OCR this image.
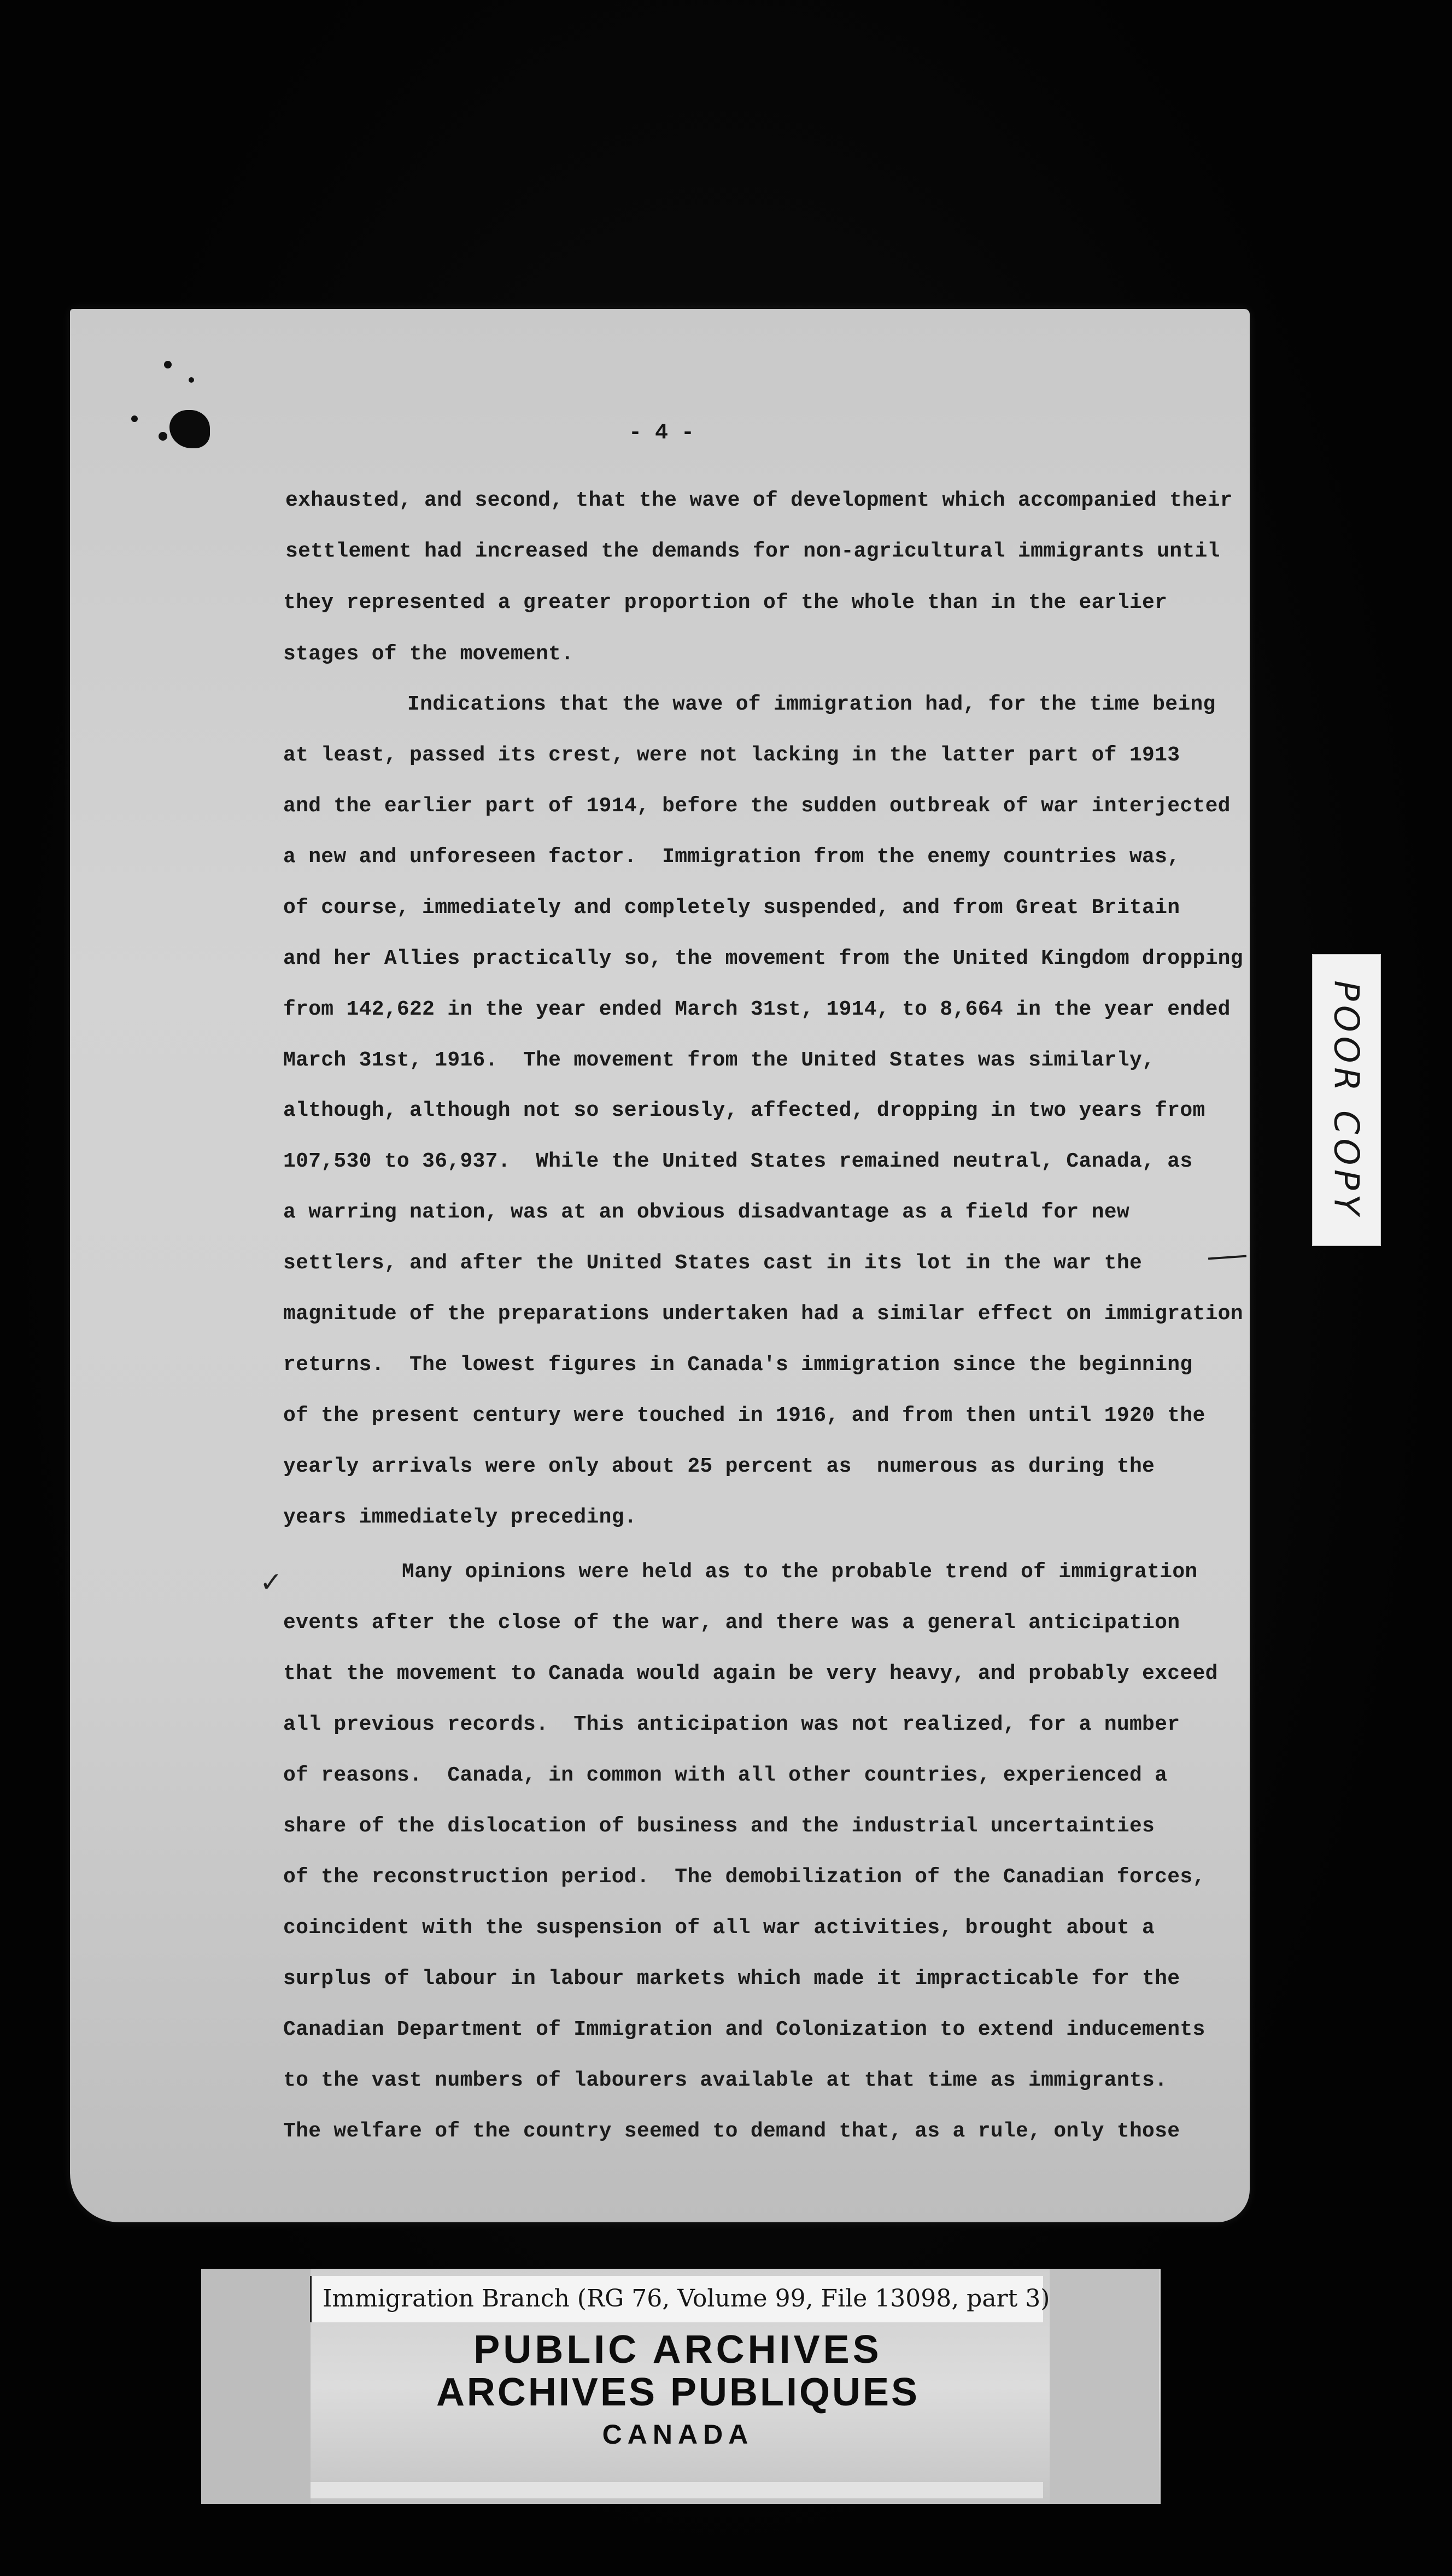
- 4 -
exhausted, and second, that the wave of development which accompanied their
settlement had increased the demands for non-agricultural immigrants until
they represented a greater proportion of the whole than in the earlier
stages of the movement.
Indications that the wave of immigration had, for the time being
at least, passed its crest, were not lacking in the latter part of 1913
and the earlier part of 1914, before the sudden outbreak of war interjected
a new and unforeseen factor.  Immigration from the enemy countries was,
of course, immediately and completely suspended, and from Great Britain
and her Allies practically so, the movement from the United Kingdom dropping
from 142,622 in the year ended March 31st, 1914, to 8,664 in the year ended
March 31st, 1916.  The movement from the United States was similarly,
although, although not so seriously, affected, dropping in two years from
107,530 to 36,937.  While the United States remained neutral, Canada, as
a warring nation, was at an obvious disadvantage as a field for new
settlers, and after the United States cast in its lot in the war the
magnitude of the preparations undertaken had a similar effect on immigration
returns.  The lowest figures in Canada's immigration since the beginning
of the present century were touched in 1916, and from then until 1920 the
yearly arrivals were only about 25 percent as  numerous as during the
years immediately preceding.
Many opinions were held as to the probable trend of immigration
events after the close of the war, and there was a general anticipation
that the movement to Canada would again be very heavy, and probably exceed
all previous records.  This anticipation was not realized, for a number
of reasons.  Canada, in common with all other countries, experienced a
share of the dislocation of business and the industrial uncertainties
of the reconstruction period.  The demobilization of the Canadian forces,
coincident with the suspension of all war activities, brought about a
surplus of labour in labour markets which made it impracticable for the
Canadian Department of Immigration and Colonization to extend inducements
to the vast numbers of labourers available at that time as immigrants.
The welfare of the country seemed to demand that, as a rule, only those
✓
POOR COPY
Immigration Branch (RG 76, Volume 99, File 13098, part 3)
PUBLIC ARCHIVES
ARCHIVES PUBLIQUES
CANADA
